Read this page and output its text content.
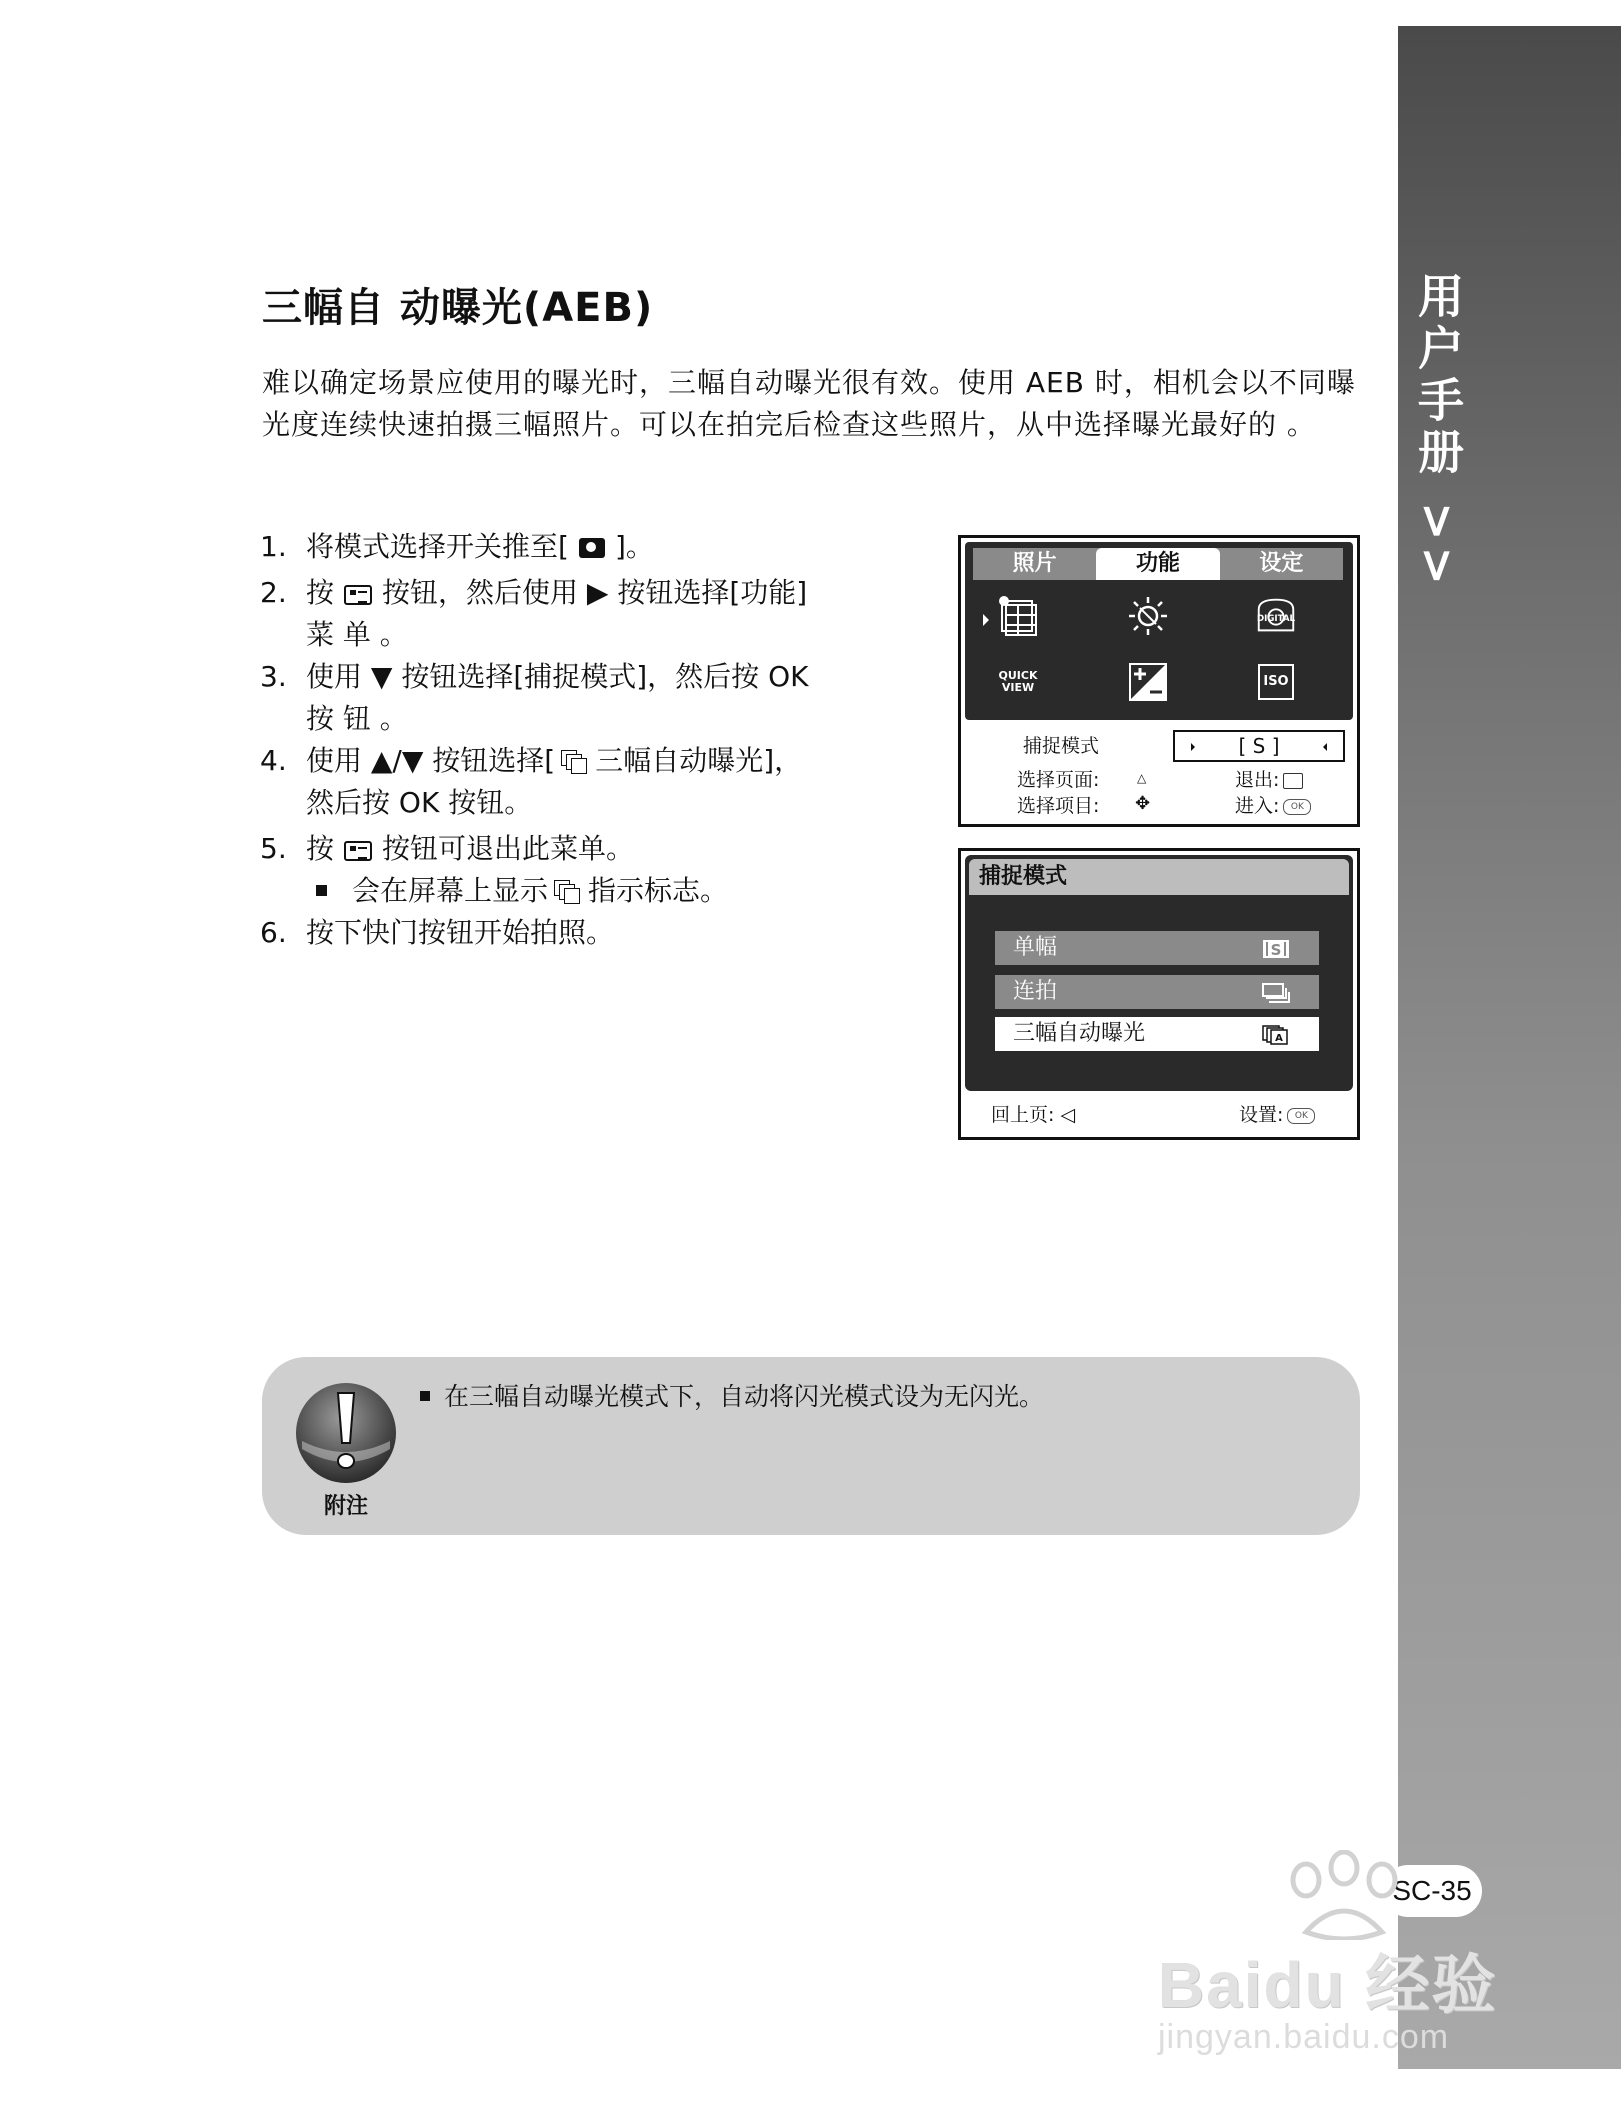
用户手册 >>
SC-35
三幅自 动曝光(AEB)
难以确定场景应使用的曝光时，三幅自动曝光很有效。使用 AEB 时，相机会以不同曝光度连续快速拍摄三幅照片。可以在拍完后检查这些照片，从中选择曝光最好的 。
1. 将模式选择开关推至[ ]。
2. 按 按钮，然后使用 ▶ 按钮选择[功能]
菜 单 。
3. 使用 ▼ 按钮选择[捕捉模式]，然后按 OK
按 钮 。
4. 使用 ▲/▼ 按钮选择[ 三幅自动曝光]，
然后按 OK 按钮。
5. 按 按钮可退出此菜单。
会在屏幕上显示 指示标志。
6. 按下快门按钮开始拍照。
照片	功能	设定
DIGITAL
QUICK
VIEW	ISO
捕捉模式	[ S ]
选择页面:	△
选择项目: ✥
退出:
进入: OK
捕捉模式
单幅	S
连拍
三幅自动曝光	A
回上页: ◁	设置: OK
附注
在三幅自动曝光模式下，自动将闪光模式设为无闪光。
Baidu 经验
jingyan.baidu.com
